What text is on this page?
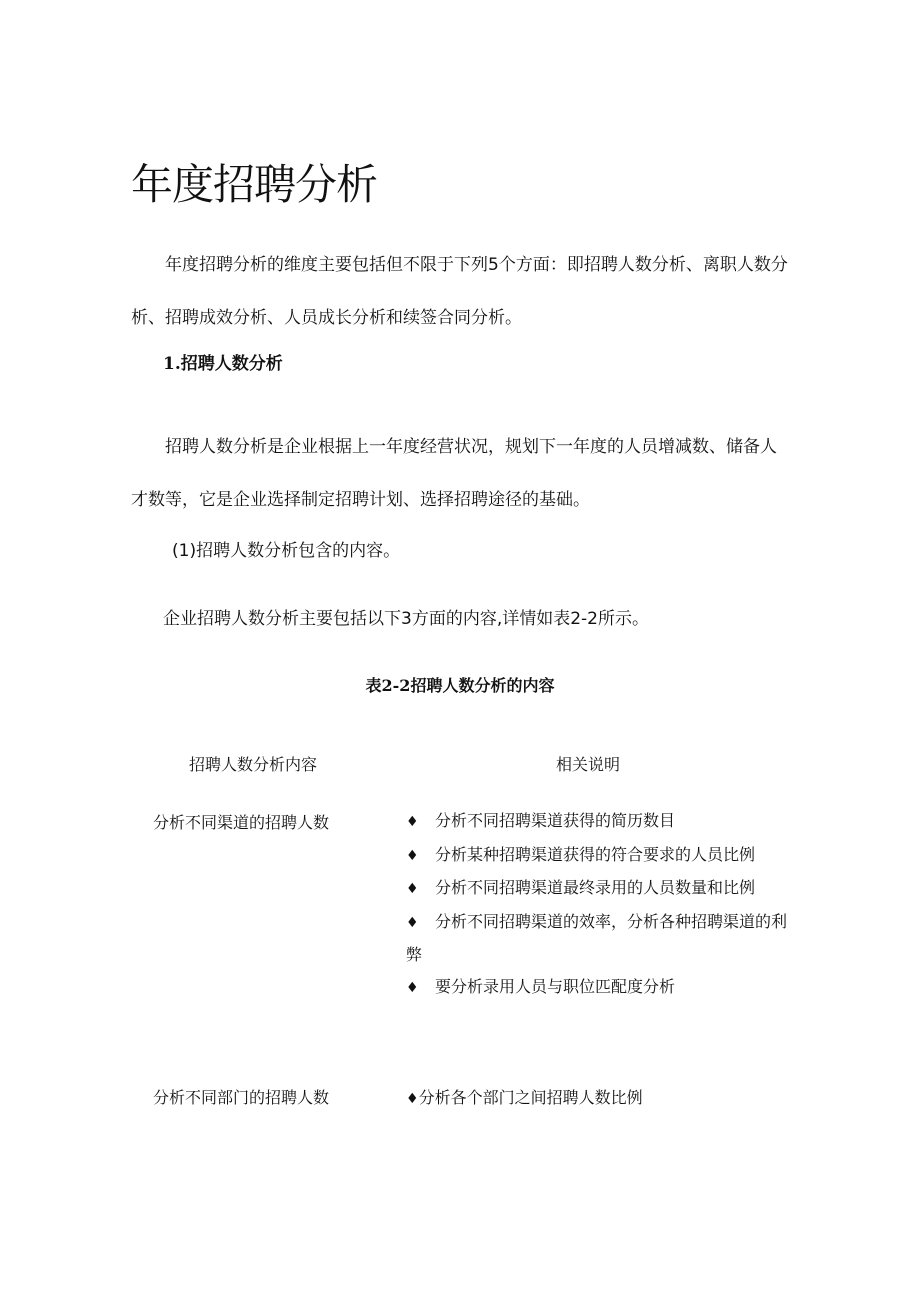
年度招聘分析

年度招聘分析的维度主要包括但不限于下列5个方面：即招聘人数分析、离职人数分析、招聘成效分析、人员成长分析和续签合同分析。

1.招聘人数分析

招聘人数分析是企业根据上一年度经营状况，规划下一年度的人员增减数、储备人才数等，它是企业选择制定招聘计划、选择招聘途径的基础。

(1)招聘人数分析包含的内容。
企业招聘人数分析主要包括以下3方面的内容,详情如表2-2所示。
表2-2招聘人数分析的内容
招聘人数分析内容	相关说明
分析不同渠道的招聘人数	♦ 分析不同招聘渠道获得的简历数目
♦ 分析某种招聘渠道获得的符合要求的人员比例
♦ 分析不同招聘渠道最终录用的人员数量和比例
♦ 分析不同招聘渠道的效率，分析各种招聘渠道的利弊
♦ 要分析录用人员与职位匹配度分析
分析不同部门的招聘人数	♦分析各个部门之间招聘人数比例
